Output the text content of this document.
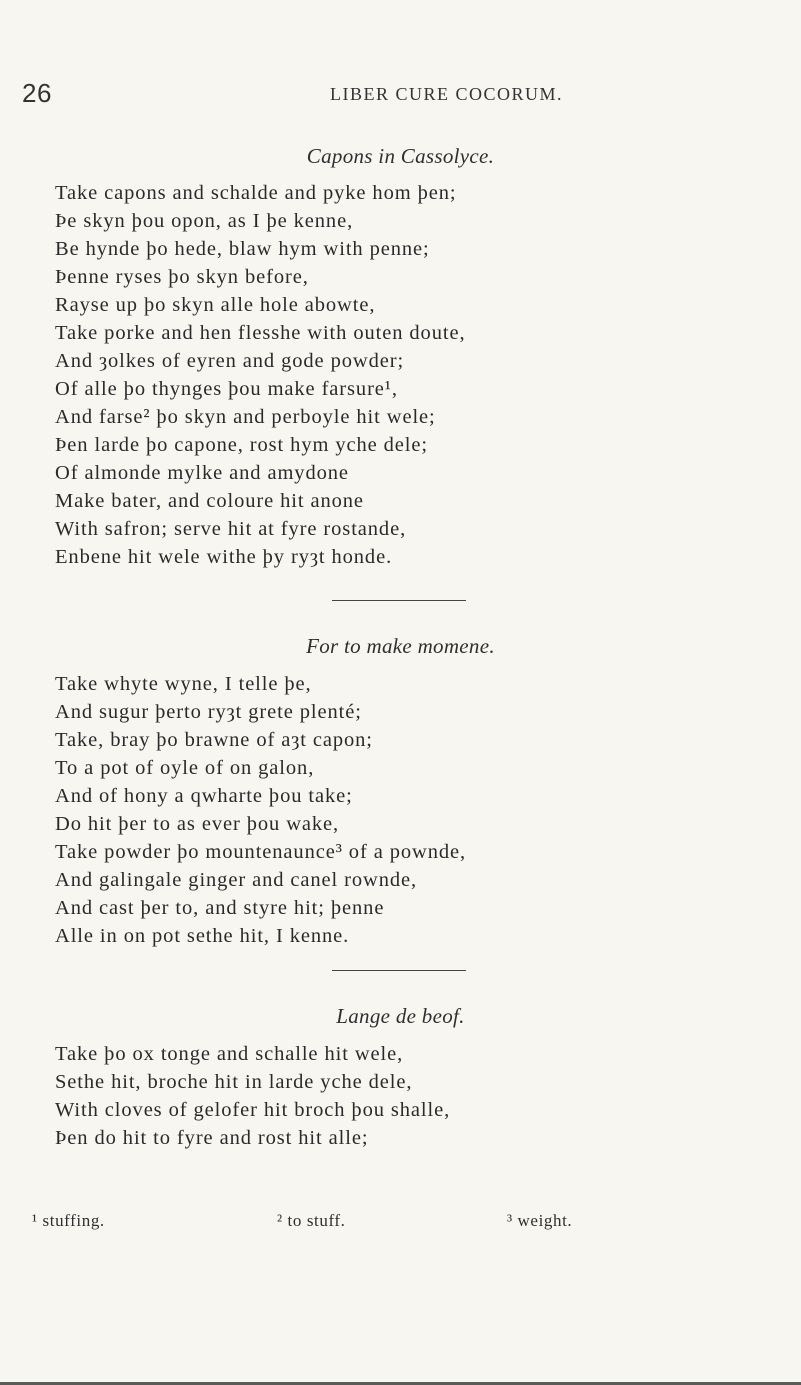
26	LIBER CURE COCORUM.
Capons in Cassolyce.
Take capons and schalde and pyke hom þen;
Þe skyn þou opon, as I þe kenne,
Be hynde þo hede, blaw hym with penne;
Þenne ryses þo skyn before,
Rayse up þo skyn alle hole abowte,
Take porke and hen flesshe with outen doute,
And ȝolkes of eyren and gode powder;
Of alle þo thynges þou make farsure¹,
And farse² þo skyn and perboyle hit wele;
Þen larde þo capone, rost hym yche dele;
Of almonde mylke and amydone
Make bater, and coloure hit anone
With safron; serve hit at fyre rostande,
Enbene hit wele withe þy ryȝt honde.
For to make momene.
Take whyte wyne, I telle þe,
And sugur þerto ryȝt grete plenté;
Take, bray þo brawne of aȝt capon;
To a pot of oyle of on galon,
And of hony a qwharte þou take;
Do hit þer to as ever þou wake,
Take powder þo mountenaunce³ of a pownde,
And galingale ginger and canel rownde,
And cast þer to, and styre hit; þenne
Alle in on pot sethe hit, I kenne.
Lange de beof.
Take þo ox tonge and schalle hit wele,
Sethe hit, broche hit in larde yche dele,
With cloves of gelofer hit broch þou shalle,
Þen do hit to fyre and rost hit alle;
¹ stuffing.	² to stuff.	³ weight.
